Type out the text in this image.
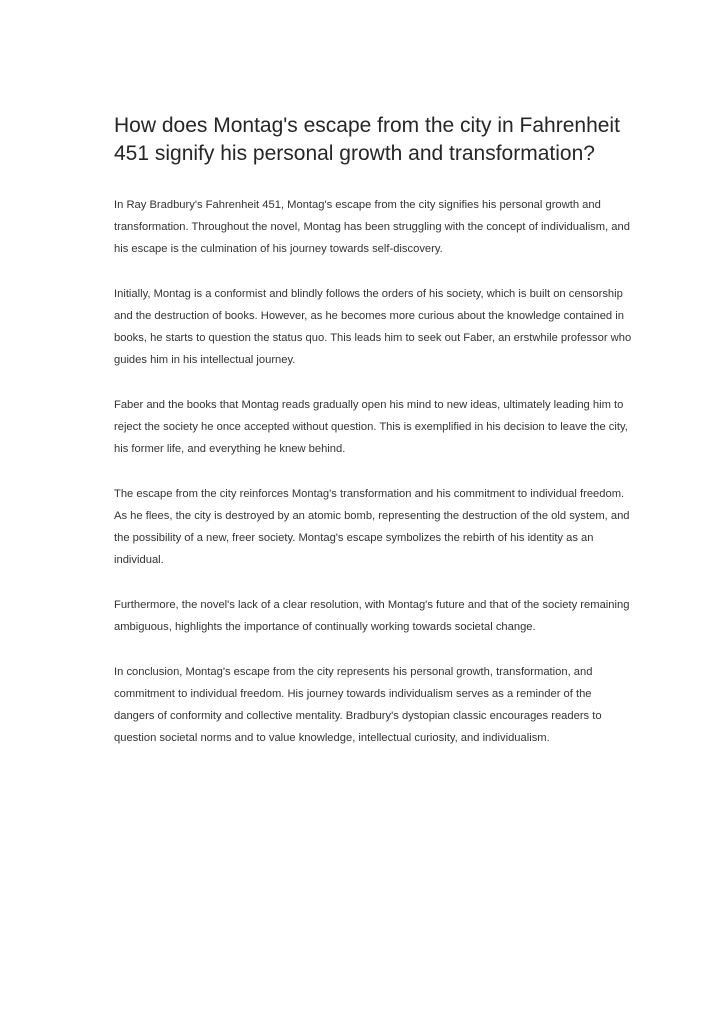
How does Montag's escape from the city in Fahrenheit 451 signify his personal growth and transformation?

In Ray Bradbury's Fahrenheit 451, Montag's escape from the city signifies his personal growth and transformation. Throughout the novel, Montag has been struggling with the concept of individualism, and his escape is the culmination of his journey towards self-discovery.

Initially, Montag is a conformist and blindly follows the orders of his society, which is built on censorship and the destruction of books. However, as he becomes more curious about the knowledge contained in books, he starts to question the status quo. This leads him to seek out Faber, an erstwhile professor who guides him in his intellectual journey.

Faber and the books that Montag reads gradually open his mind to new ideas, ultimately leading him to reject the society he once accepted without question. This is exemplified in his decision to leave the city, his former life, and everything he knew behind.

The escape from the city reinforces Montag's transformation and his commitment to individual freedom. As he flees, the city is destroyed by an atomic bomb, representing the destruction of the old system, and the possibility of a new, freer society. Montag's escape symbolizes the rebirth of his identity as an individual.

Furthermore, the novel's lack of a clear resolution, with Montag's future and that of the society remaining ambiguous, highlights the importance of continually working towards societal change.

In conclusion, Montag's escape from the city represents his personal growth, transformation, and commitment to individual freedom. His journey towards individualism serves as a reminder of the dangers of conformity and collective mentality. Bradbury's dystopian classic encourages readers to question societal norms and to value knowledge, intellectual curiosity, and individualism.
